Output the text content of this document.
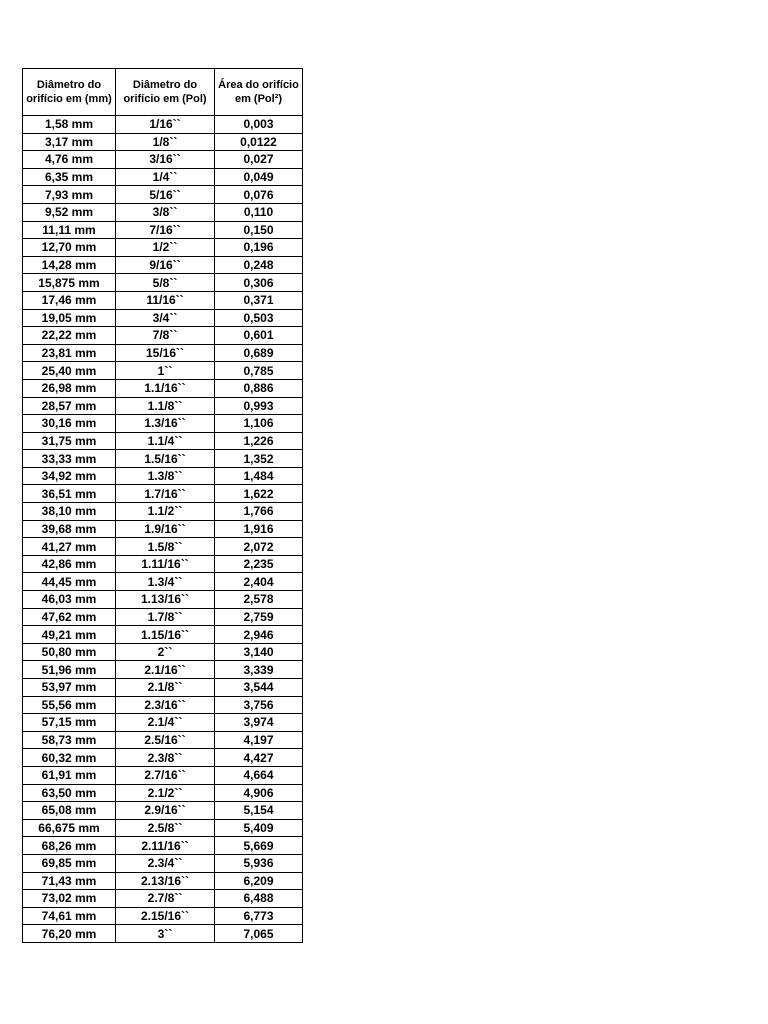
Diâmetro do orifício em (mm)	Diâmetro do orifício em (Pol)	Área do orifício em (Pol²)
1,58 mm	1/16``	0,003
3,17 mm	1/8``	0,0122
4,76 mm	3/16``	0,027
6,35 mm	1/4``	0,049
7,93 mm	5/16``	0,076
9,52 mm	3/8``	0,110
11,11 mm	7/16``	0,150
12,70 mm	1/2``	0,196
14,28 mm	9/16``	0,248
15,875 mm	5/8``	0,306
17,46 mm	11/16``	0,371
19,05 mm	3/4``	0,503
22,22 mm	7/8``	0,601
23,81 mm	15/16``	0,689
25,40 mm	1``	0,785
26,98 mm	1.1/16``	0,886
28,57 mm	1.1/8``	0,993
30,16 mm	1.3/16``	1,106
31,75 mm	1.1/4``	1,226
33,33 mm	1.5/16``	1,352
34,92 mm	1.3/8``	1,484
36,51 mm	1.7/16``	1,622
38,10 mm	1.1/2``	1,766
39,68 mm	1.9/16``	1,916
41,27 mm	1.5/8``	2,072
42,86 mm	1.11/16``	2,235
44,45 mm	1.3/4``	2,404
46,03 mm	1.13/16``	2,578
47,62 mm	1.7/8``	2,759
49,21 mm	1.15/16``	2,946
50,80 mm	2``	3,140
51,96 mm	2.1/16``	3,339
53,97 mm	2.1/8``	3,544
55,56 mm	2.3/16``	3,756
57,15 mm	2.1/4``	3,974
58,73 mm	2.5/16``	4,197
60,32 mm	2.3/8``	4,427
61,91 mm	2.7/16``	4,664
63,50 mm	2.1/2``	4,906
65,08 mm	2.9/16``	5,154
66,675 mm	2.5/8``	5,409
68,26 mm	2.11/16``	5,669
69,85 mm	2.3/4``	5,936
71,43 mm	2.13/16``	6,209
73,02 mm	2.7/8``	6,488
74,61 mm	2.15/16``	6,773
76,20 mm	3``	7,065
